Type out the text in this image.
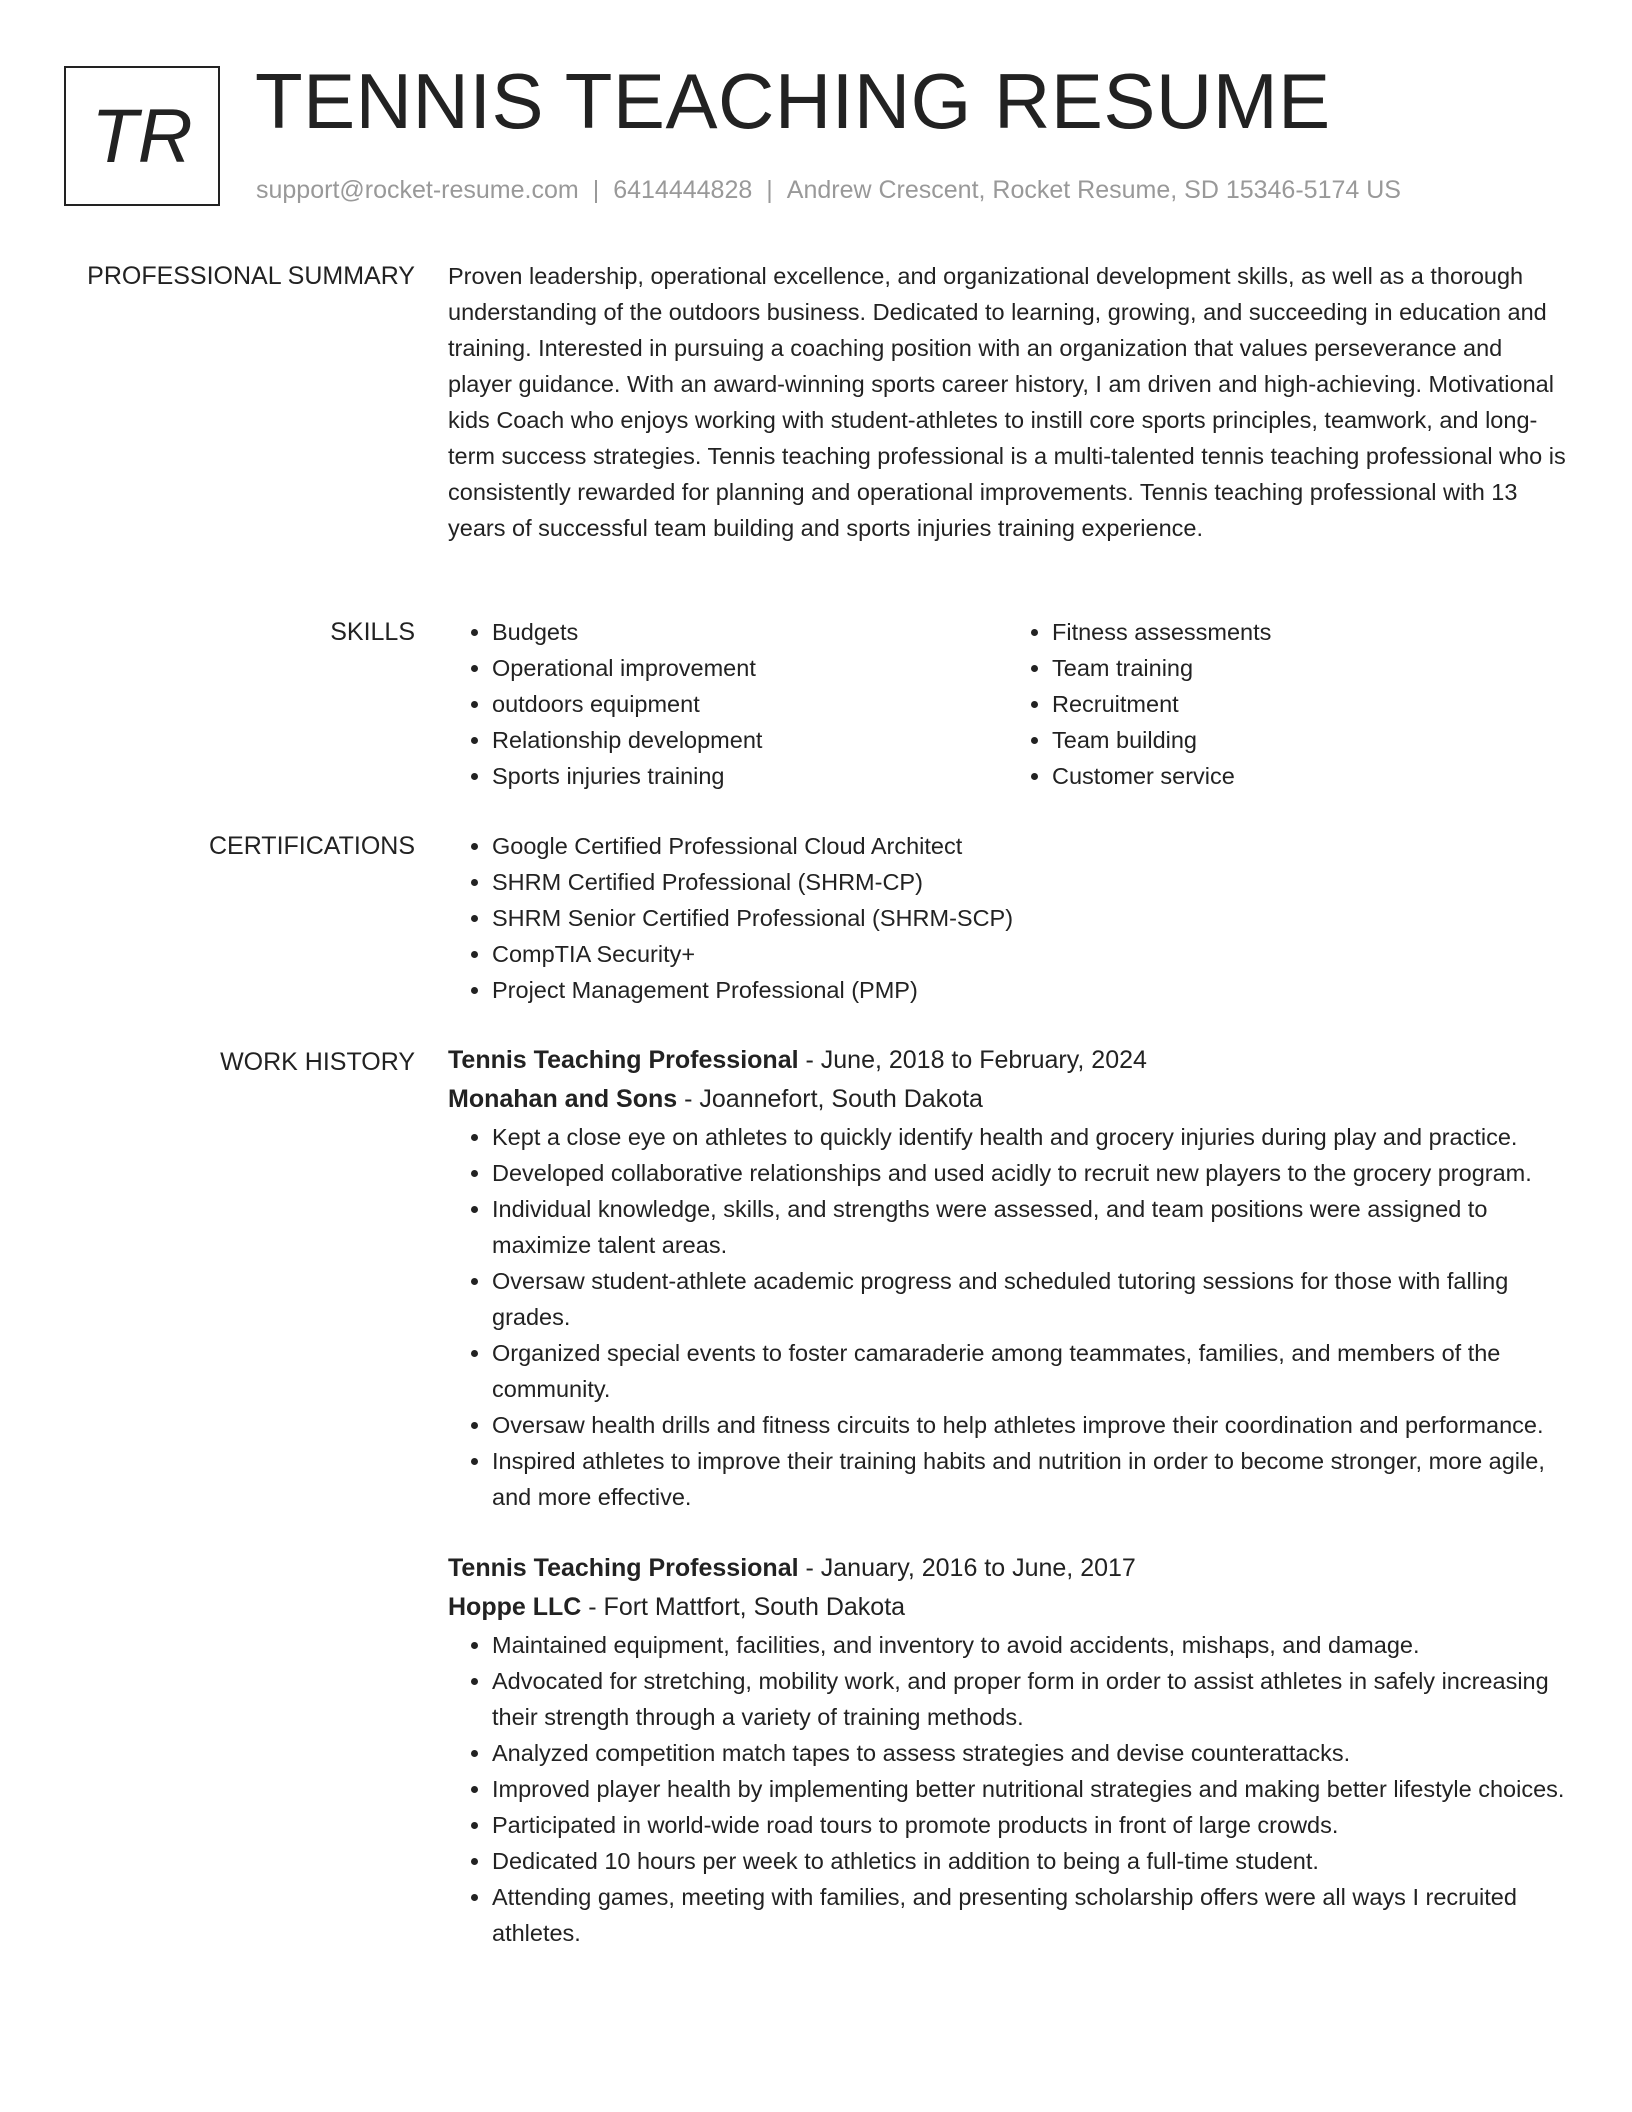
TR TENNIS TEACHING RESUME
support@rocket-resume.com | 6414444828 | Andrew Crescent, Rocket Resume, SD 15346-5174 US
PROFESSIONAL SUMMARY Proven leadership, operational excellence, and organizational development skills, as well as a thorough understanding of the outdoors business. Dedicated to learning, growing, and succeeding in education and training. Interested in pursuing a coaching position with an organization that values perseverance and player guidance. With an award-winning sports career history, I am driven and high-achieving. Motivational kids Coach who enjoys working with student-athletes to instill core sports principles, teamwork, and long-term success strategies. Tennis teaching professional is a multi-talented tennis teaching professional who is consistently rewarded for planning and operational improvements. Tennis teaching professional with 13 years of successful team building and sports injuries training experience.

SKILLS	• Budgets
• Operational improvement
• outdoors equipment
• Relationship development
• Sports injuries training
• Fitness assessments
• Team training
• Recruitment
• Team building
• Customer service
CERTIFICATIONS	• Google Certified Professional Cloud Architect
• SHRM Certified Professional (SHRM-CP)
• SHRM Senior Certified Professional (SHRM-SCP)
• CompTIA Security+
• Project Management Professional (PMP)
WORK HISTORY Tennis Teaching Professional - June, 2018 to February, 2024
Monahan and Sons - Joannefort, South Dakota
• Kept a close eye on athletes to quickly identify health and grocery injuries during play and practice.
• Developed collaborative relationships and used acidly to recruit new players to the grocery program.
• Individual knowledge, skills, and strengths were assessed, and team positions were assigned to maximize talent areas.
• Oversaw student-athlete academic progress and scheduled tutoring sessions for those with falling grades.
• Organized special events to foster camaraderie among teammates, families, and members of the community.
• Oversaw health drills and fitness circuits to help athletes improve their coordination and performance.
• Inspired athletes to improve their training habits and nutrition in order to become stronger, more agile, and more effective.
Tennis Teaching Professional - January, 2016 to June, 2017
Hoppe LLC - Fort Mattfort, South Dakota
• Maintained equipment, facilities, and inventory to avoid accidents, mishaps, and damage.
• Advocated for stretching, mobility work, and proper form in order to assist athletes in safely increasing their strength through a variety of training methods.
• Analyzed competition match tapes to assess strategies and devise counterattacks.
• Improved player health by implementing better nutritional strategies and making better lifestyle choices.
• Participated in world-wide road tours to promote products in front of large crowds.
• Dedicated 10 hours per week to athletics in addition to being a full-time student.
• Attending games, meeting with families, and presenting scholarship offers were all ways I recruited athletes.
